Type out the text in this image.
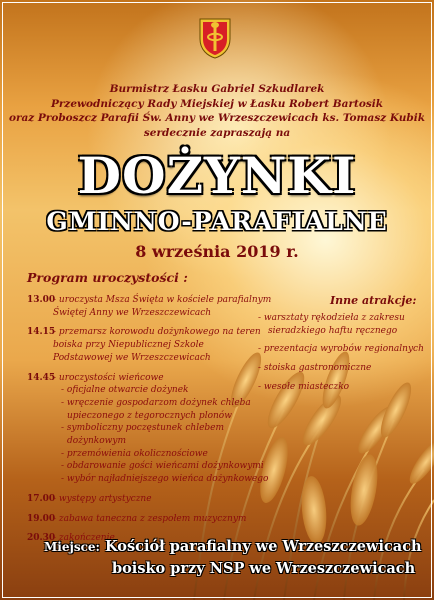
Burmistrz Łasku Gabriel Szkudlarek
Przewodniczący Rady Miejskiej w Łasku Robert Bartosik
oraz Proboszcz Parafii Św. Anny we Wrzeszczewicach ks. Tomasz Kubik
serdecznie zapraszają na
DOŻYNKI
GMINNO-PARAFIALNE
8 września 2019 r.
Program uroczystości :
13.00
- uroczysta Msza Święta w kościele parafialnym
Świętej Anny we Wrzeszczewicach
14.15
- przemarsz korowodu dożynkowego na teren
boiska przy Niepublicznej Szkole
Podstawowej we Wrzeszczewicach
14.45
- uroczystości wieńcowe
- oficjalne otwarcie dożynek
- wręczenie gospodarzom dożynek chleba
upieczonego z tegorocznych plonów
- symboliczny poczęstunek chlebem
dożynkowym
- przemówienia okolicznościowe
- obdarowanie gości wieńcami dożynkowymi
- wybór najładniejszego wieńca dożynkowego
17.00
- występy artystyczne
19.00
- zabawa taneczna z zespołem muzycznym
20.30
- zakończenie
Inne atrakcje:
- warsztaty rękodzieła z zakresu
sieradzkiego haftu ręcznego
- prezentacja wyrobów regionalnych
- stoiska gastronomiczne
- wesołe miasteczko
Miejsce: Kościół parafialny we Wrzeszczewicach
boisko przy NSP we Wrzeszczewicach
